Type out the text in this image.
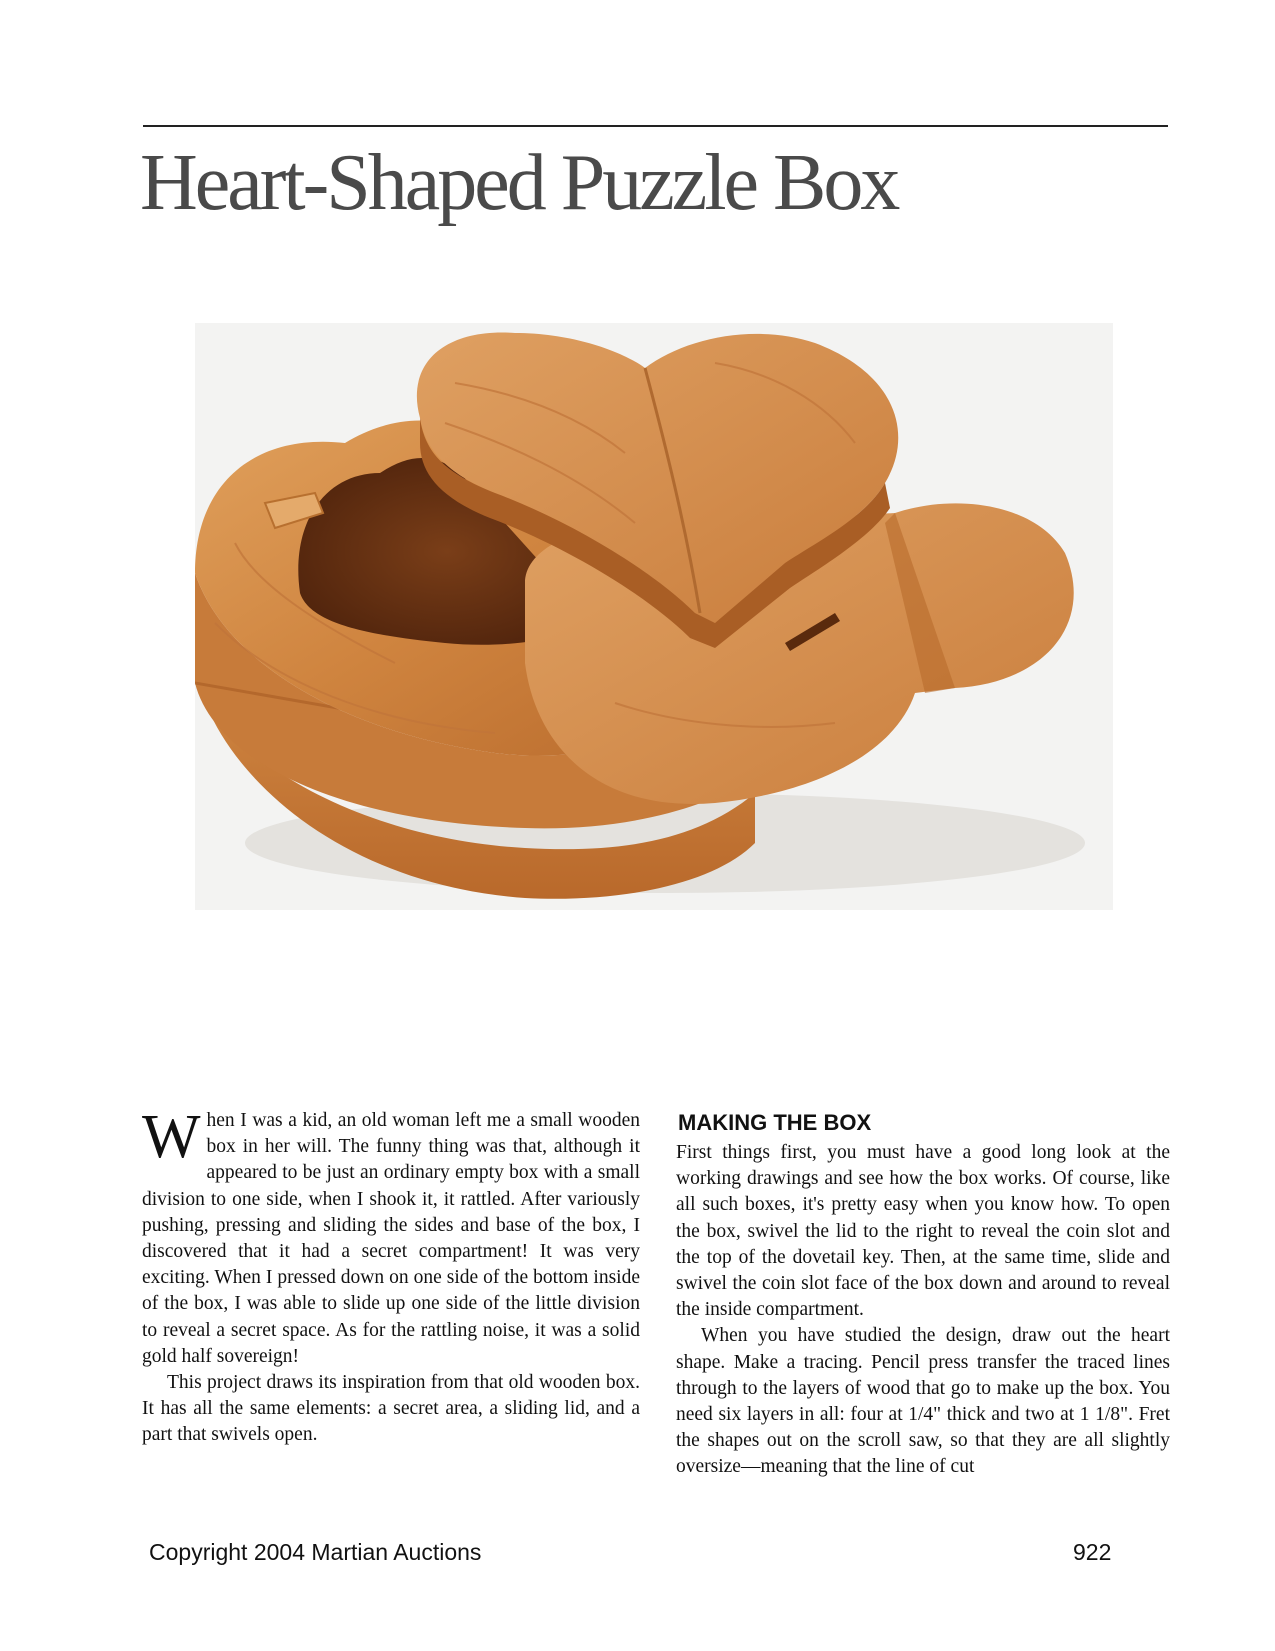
Heart-Shaped Puzzle Box

When I was a kid, an old woman left me a small wooden box in her will. The funny thing was that, although it appeared to be just an ordinary empty box with a small division to one side, when I shook it, it rattled. After variously pushing, pressing and sliding the sides and base of the box, I discovered that it had a secret compartment! It was very exciting. When I pressed down on one side of the bottom inside of the box, I was able to slide up one side of the little division to reveal a secret space. As for the rattling noise, it was a solid gold half sovereign!

This project draws its inspiration from that old wooden box. It has all the same elements: a secret area, a sliding lid, and a part that swivels open.

MAKING THE BOX

First things first, you must have a good long look at the working drawings and see how the box works. Of course, like all such boxes, it's pretty easy when you know how. To open the box, swivel the lid to the right to reveal the coin slot and the top of the dovetail key. Then, at the same time, slide and swivel the coin slot face of the box down and around to reveal the inside compartment.

When you have studied the design, draw out the heart shape. Make a tracing. Pencil press transfer the traced lines through to the layers of wood that go to make up the box. You need six layers in all: four at 1/4" thick and two at 1 1/8". Fret the shapes out on the scroll saw, so that they are all slightly oversize—meaning that the line of cut

Copyright 2004 Martian Auctions	922
